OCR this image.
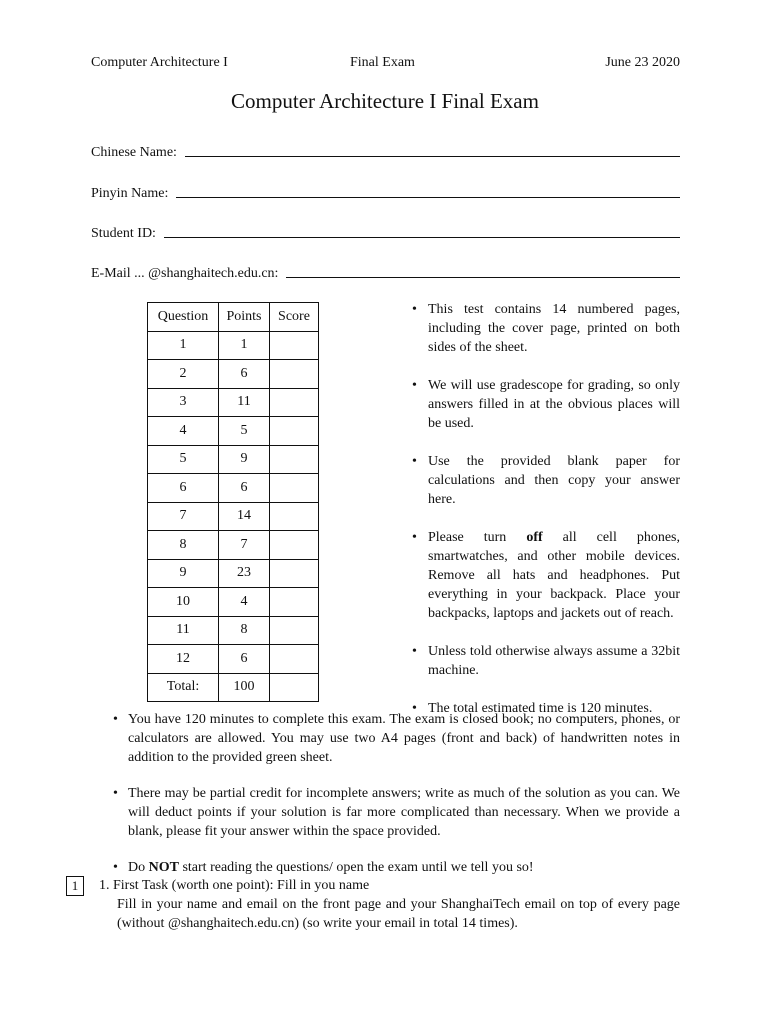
Computer Architecture I	Final Exam	June 23 2020
Computer Architecture I Final Exam
Chinese Name:
Pinyin Name:
Student ID:
E-Mail ... @shanghaitech.edu.cn:
Question	Points	Score
1	1	
2	6	
3	11	
4	5	
5	9	
6	6	
7	14	
8	7	
9	23	
10	4	
11	8	
12	6	
Total:	100	
• This test contains 14 numbered pages, including the cover page, printed on both sides of the sheet.
• We will use gradescope for grading, so only answers filled in at the obvious places will be used.
• Use the provided blank paper for calculations and then copy your answer here.
• Please turn off all cell phones, smartwatches, and other mobile devices. Remove all hats and headphones. Put everything in your backpack. Place your backpacks, laptops and jackets out of reach.
• Unless told otherwise always assume a 32bit machine.
• The total estimated time is 120 minutes.
• You have 120 minutes to complete this exam. The exam is closed book; no computers, phones, or calculators are allowed. You may use two A4 pages (front and back) of handwritten notes in addition to the provided green sheet.
• There may be partial credit for incomplete answers; write as much of the solution as you can. We will deduct points if your solution is far more complicated than necessary. When we provide a blank, please fit your answer within the space provided.
• Do NOT start reading the questions/ open the exam until we tell you so!
1	1. First Task (worth one point): Fill in you name
Fill in your name and email on the front page and your ShanghaiTech email on top of every page (without @shanghaitech.edu.cn) (so write your email in total 14 times).
